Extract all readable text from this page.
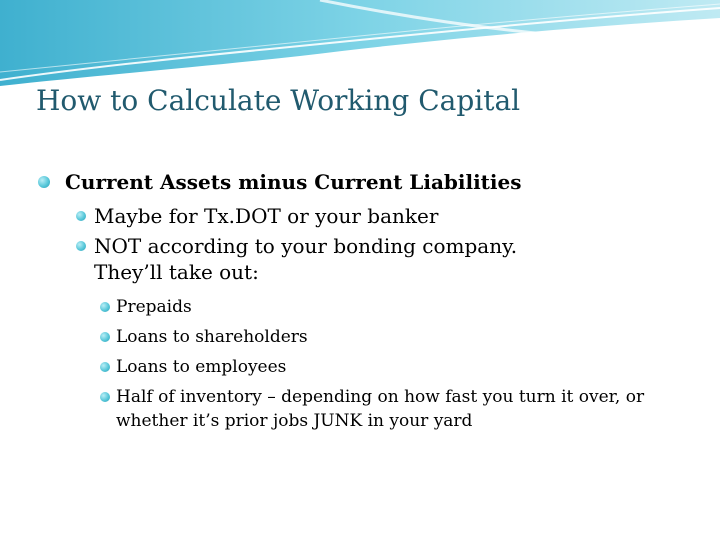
How to Calculate Working Capital
Current Assets minus Current Liabilities
Maybe for Tx.DOT or your banker
NOT according to your bonding company.
They’ll take out:
Prepaids
Loans to shareholders
Loans to employees
Half of inventory – depending on how fast you turn it over, or
whether it’s prior jobs JUNK in your yard
